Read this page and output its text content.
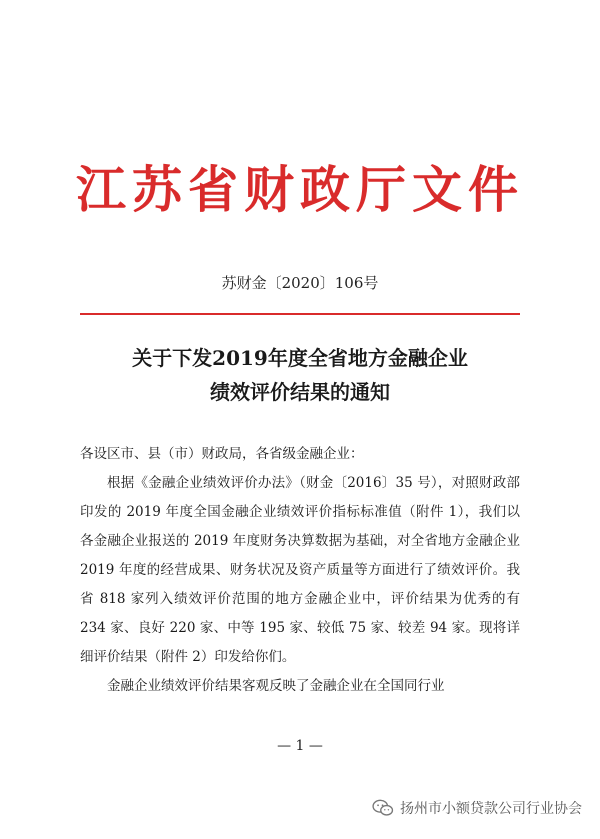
江苏省财政厅文件
苏财金〔2020〕106号
关于下发2019年度全省地方金融企业
绩效评价结果的通知

各设区市、县（市）财政局，各省级金融企业：

根据《金融企业绩效评价办法》（财金〔2016〕35 号），对照财政部印发的 2019 年度全国金融企业绩效评价指标标准值（附件 1），我们以各金融企业报送的 2019 年度财务决算数据为基础，对全省地方金融企业 2019 年度的经营成果、财务状况及资产质量等方面进行了绩效评价。我省 818 家列入绩效评价范围的地方金融企业中，评价结果为优秀的有 234 家、良好 220 家、中等 195 家、较低 75 家、较差 94 家。现将详细评价结果（附件 2）印发给你们。

金融企业绩效评价结果客观反映了金融企业在全国同行业

— 1 —
扬州市小额贷款公司行业协会
